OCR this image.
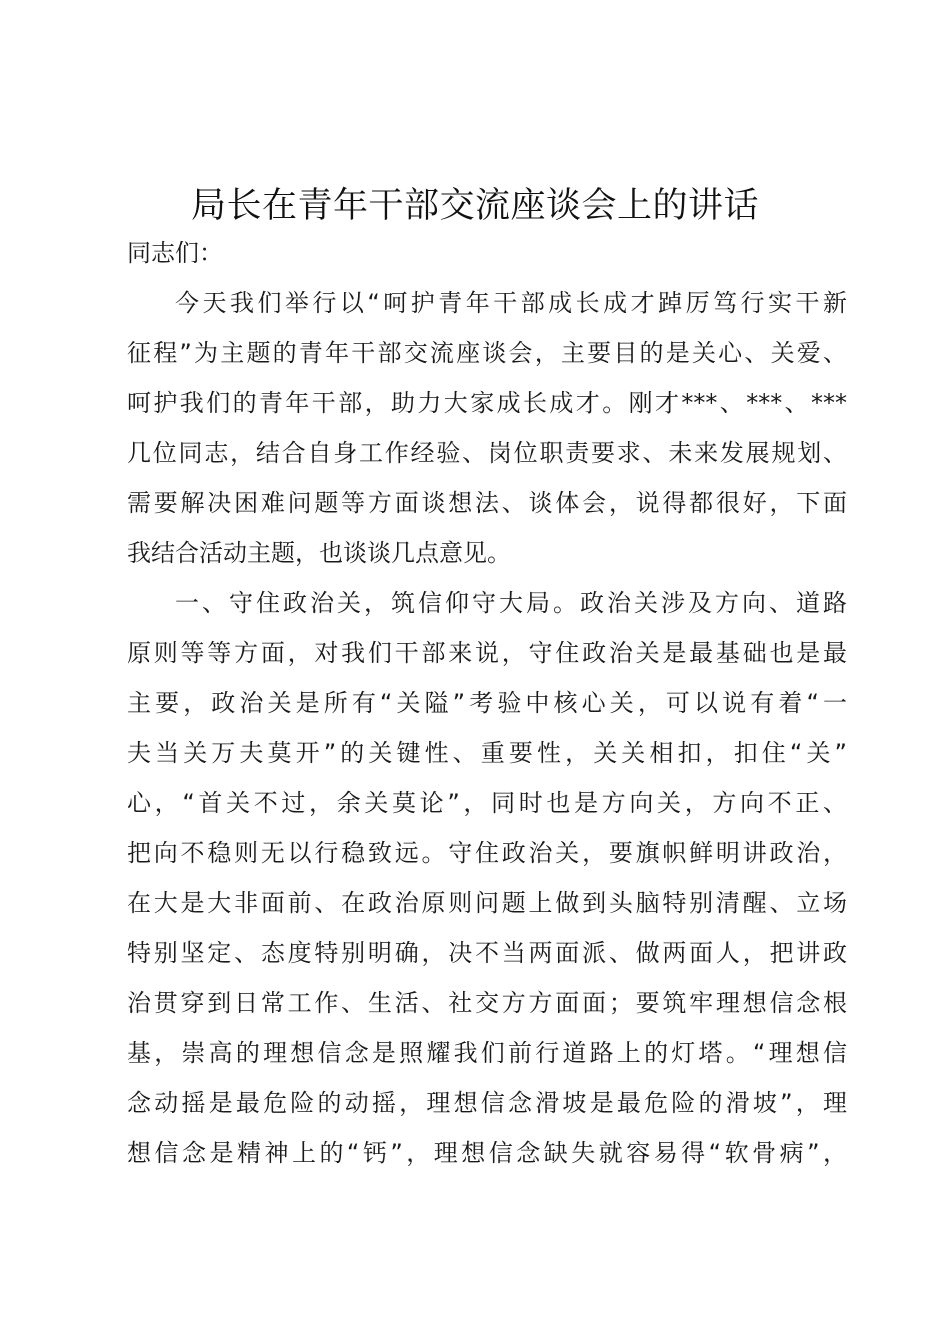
局长在青年干部交流座谈会上的讲话
同志们：
今天我们举行以“呵护青年干部成长成才踔厉笃行实干新
征程”为主题的青年干部交流座谈会，主要目的是关心、关爱、
呵护我们的青年干部，助力大家成长成才。刚才***、***、***
几位同志，结合自身工作经验、岗位职责要求、未来发展规划、
需要解决困难问题等方面谈想法、谈体会，说得都很好，下面
我结合活动主题，也谈谈几点意见。
一、守住政治关，筑信仰守大局。政治关涉及方向、道路
原则等等方面，对我们干部来说，守住政治关是最基础也是最
主要，政治关是所有“关隘”考验中核心关，可以说有着“一
夫当关万夫莫开”的关键性、重要性，关关相扣，扣住“关”
心，“首关不过，余关莫论”，同时也是方向关，方向不正、
把向不稳则无以行稳致远。守住政治关，要旗帜鲜明讲政治，
在大是大非面前、在政治原则问题上做到头脑特别清醒、立场
特别坚定、态度特别明确，决不当两面派、做两面人，把讲政
治贯穿到日常工作、生活、社交方方面面；要筑牢理想信念根
基，崇高的理想信念是照耀我们前行道路上的灯塔。“理想信
念动摇是最危险的动摇，理想信念滑坡是最危险的滑坡”，理
想信念是精神上的“钙”，理想信念缺失就容易得“软骨病”，
